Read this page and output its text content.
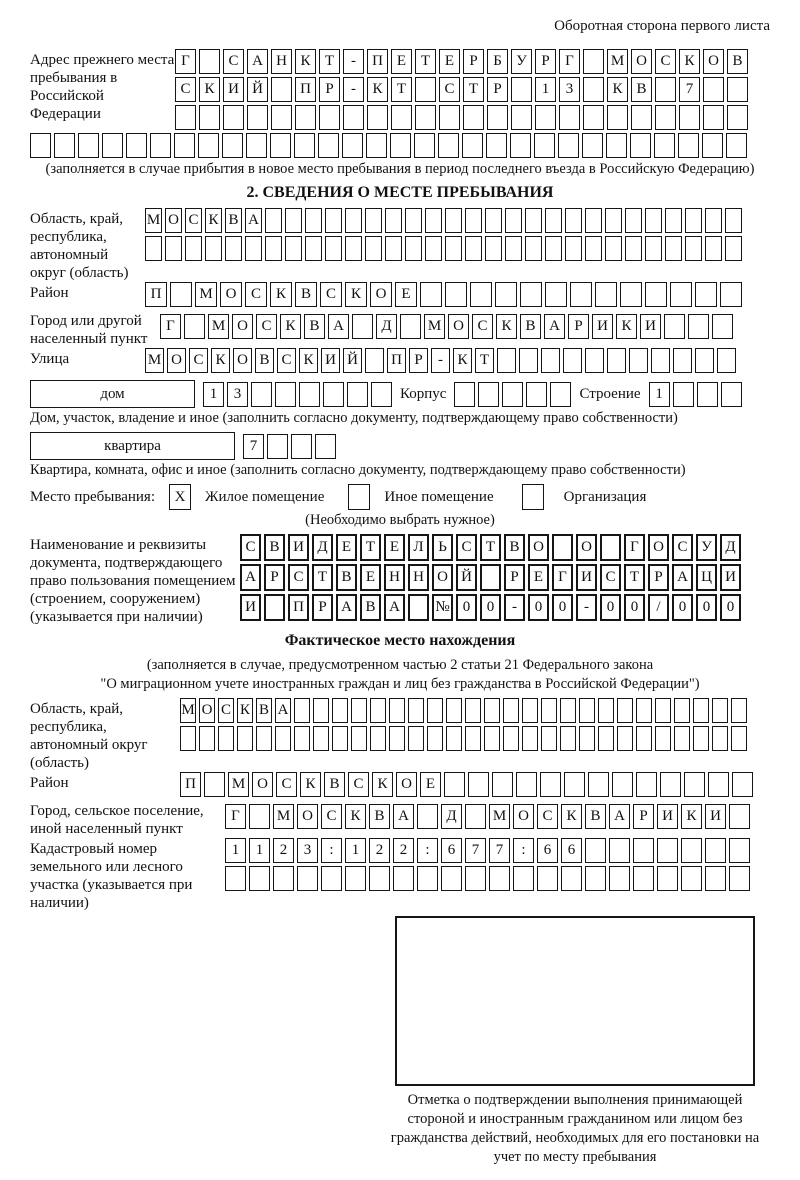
Оборотная сторона первого листа
Адрес прежнего места пребывания в Российской Федерации
Г	С А Н К Т	-	П Е Т Е	Р	Б У Р	Г	М О С К О В
С К И Й	П Р	-	К Т	С Т	Р	1	3	К В	7
(заполняется в случае прибытия в новое место пребывания в период последнего въезда в Российскую Федерацию)
2. СВЕДЕНИЯ О МЕСТЕ ПРЕБЫВАНИЯ
Область, край, республика, автономный округ (область)
М О С К В А
Район	П	М О С К В С К О Е
Город или другой населенный пункт
Г	М О С К В А	Д	М О С К В А Р И К И
Улица	М О С К О В С К И Й П Р	- К Т
дом	1	3	Корпус	Строение 1
Дом, участок, владение и иное (заполнить согласно документу, подтверждающему право собственности)
квартира	7
Квартира, комната, офис и иное (заполнить согласно документу, подтверждающему право собственности)
Место пребывания:	X	Жилое помещение	Иное помещение	Организация
(Необходимо выбрать нужное)
Наименование и реквизиты документа, подтверждающего право пользования помещением (строением, сооружением) (указывается при наличии)
С В И Д Е Т Е Л Ь С Т В О	О	Г О С У Д
А Р С Т В Е Н Н О Й	Р	Е	Г И С Т	Р А Ц И
И	П Р А В А	№ 0	0	-	0	0	-	0	0	/	0	0	0
Фактическое место нахождения
(заполняется в случае, предусмотренном частью 2 статьи 21 Федерального закона
"О миграционном учете иностранных граждан и лиц без гражданства в Российской Федерации")
Область, край, республика, автономный округ (область)
М О С К В А
Район	П	М О С К В С К О Е
Город, сельское поселение, иной населенный пункт
Г	М О С К В А	Д	М О С К В А Р И К И
Кадастровый номер земельного или лесного участка (указывается при наличии)
1	1	2	3	:	1	2	2	:	6	7	7	:	6	6
Отметка о подтверждении выполнения принимающей стороной и иностранным гражданином или лицом без гражданства действий, необходимых для его постановки на учет по месту пребывания
